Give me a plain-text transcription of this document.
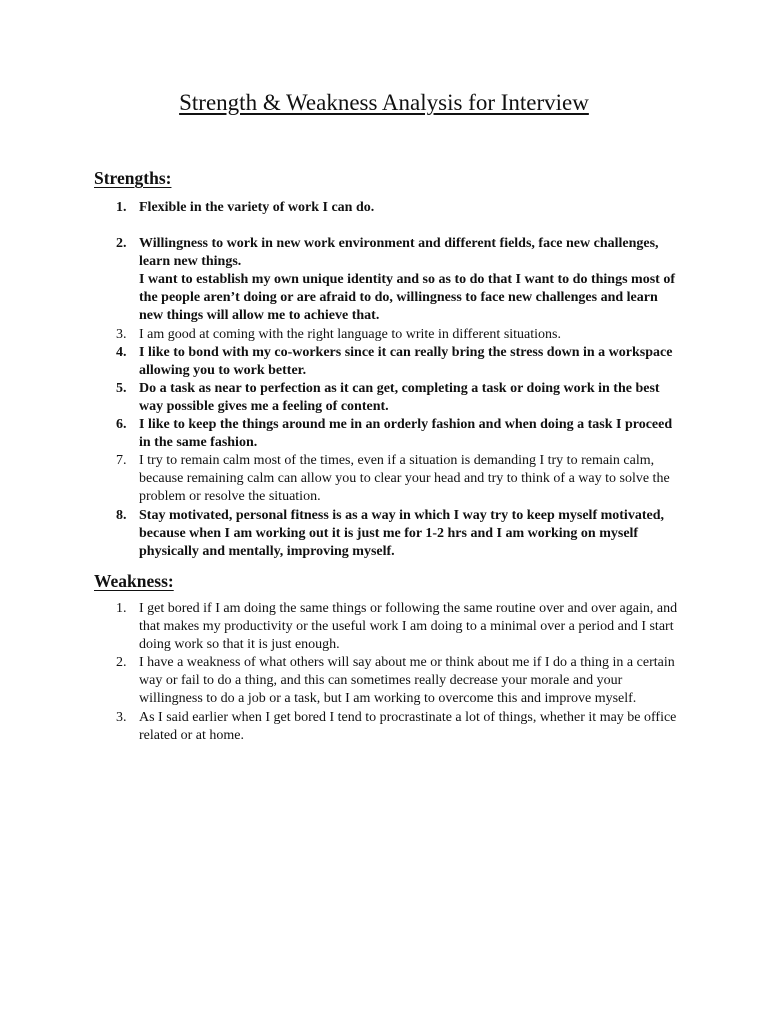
Strength & Weakness Analysis for Interview
Strengths:
1. Flexible in the variety of work I can do.
2. Willingness to work in new work environment and different fields, face new challenges, learn new things.
I want to establish my own unique identity and so as to do that I want to do things most of the people aren’t doing or are afraid to do, willingness to face new challenges and learn new things will allow me to achieve that.
3. I am good at coming with the right language to write in different situations.
4. I like to bond with my co-workers since it can really bring the stress down in a workspace allowing you to work better.
5. Do a task as near to perfection as it can get, completing a task or doing work in the best way possible gives me a feeling of content.
6. I like to keep the things around me in an orderly fashion and when doing a task I proceed in the same fashion.
7. I try to remain calm most of the times, even if a situation is demanding I try to remain calm, because remaining calm can allow you to clear your head and try to think of a way to solve the problem or resolve the situation.
8. Stay motivated, personal fitness is as a way in which I way try to keep myself motivated, because when I am working out it is just me for 1-2 hrs and I am working on myself physically and mentally, improving myself.
Weakness:
1. I get bored if I am doing the same things or following the same routine over and over again, and that makes my productivity or the useful work I am doing to a minimal over a period and I start doing work so that it is just enough.
2. I have a weakness of what others will say about me or think about me if I do a thing in a certain way or fail to do a thing, and this can sometimes really decrease your morale and your willingness to do a job or a task, but I am working to overcome this and improve myself.
3. As I said earlier when I get bored I tend to procrastinate a lot of things, whether it may be office related or at home.
